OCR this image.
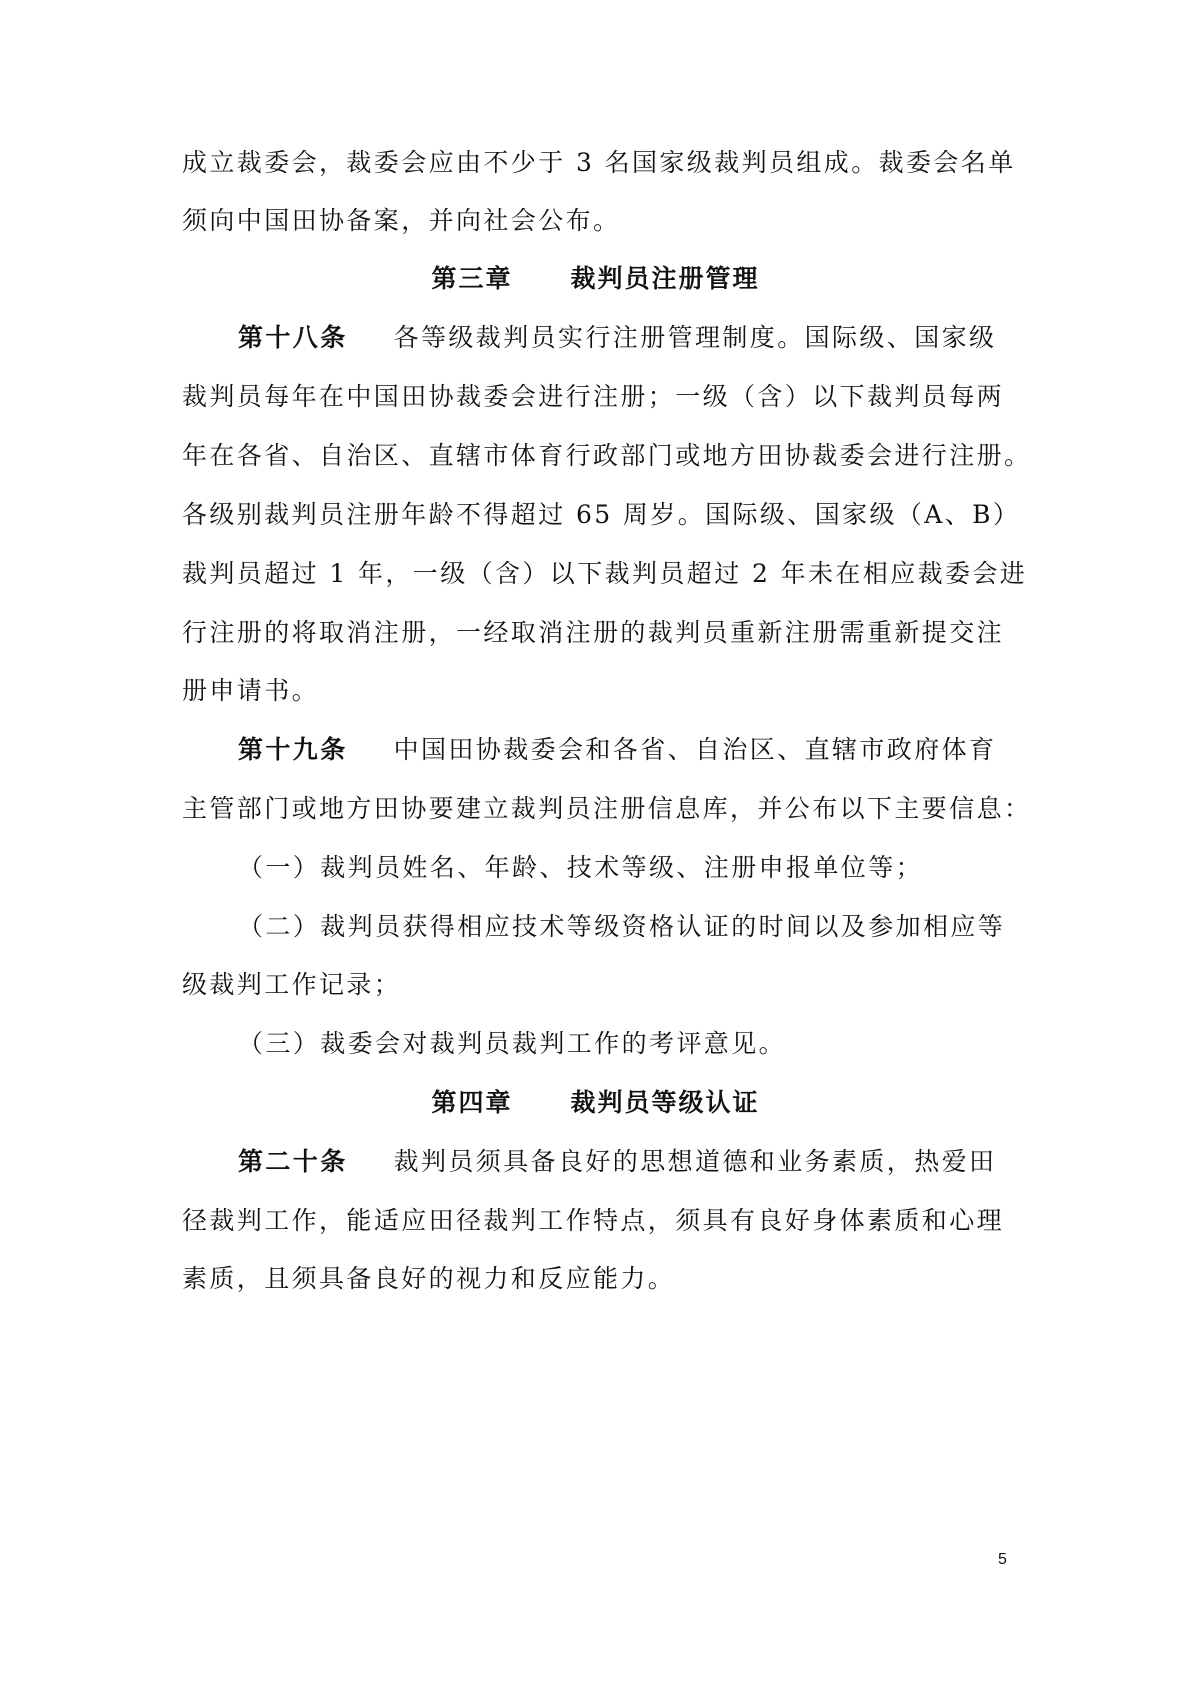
成立裁委会，裁委会应由不少于 3 名国家级裁判员组成。裁委会名单
须向中国田协备案，并向社会公布。
第三章 裁判员注册管理
第十八条 各等级裁判员实行注册管理制度。国际级、国家级
裁判员每年在中国田协裁委会进行注册；一级（含）以下裁判员每两
年在各省、自治区、直辖市体育行政部门或地方田协裁委会进行注册。
各级别裁判员注册年龄不得超过 65 周岁。国际级、国家级（A、B）
裁判员超过 1 年，一级（含）以下裁判员超过 2 年未在相应裁委会进
行注册的将取消注册，一经取消注册的裁判员重新注册需重新提交注
册申请书。
第十九条 中国田协裁委会和各省、自治区、直辖市政府体育
主管部门或地方田协要建立裁判员注册信息库，并公布以下主要信息：
（一）裁判员姓名、年龄、技术等级、注册申报单位等；
（二）裁判员获得相应技术等级资格认证的时间以及参加相应等
级裁判工作记录；
（三）裁委会对裁判员裁判工作的考评意见。
第四章 裁判员等级认证
第二十条 裁判员须具备良好的思想道德和业务素质，热爱田
径裁判工作，能适应田径裁判工作特点，须具有良好身体素质和心理
素质，且须具备良好的视力和反应能力。
5
